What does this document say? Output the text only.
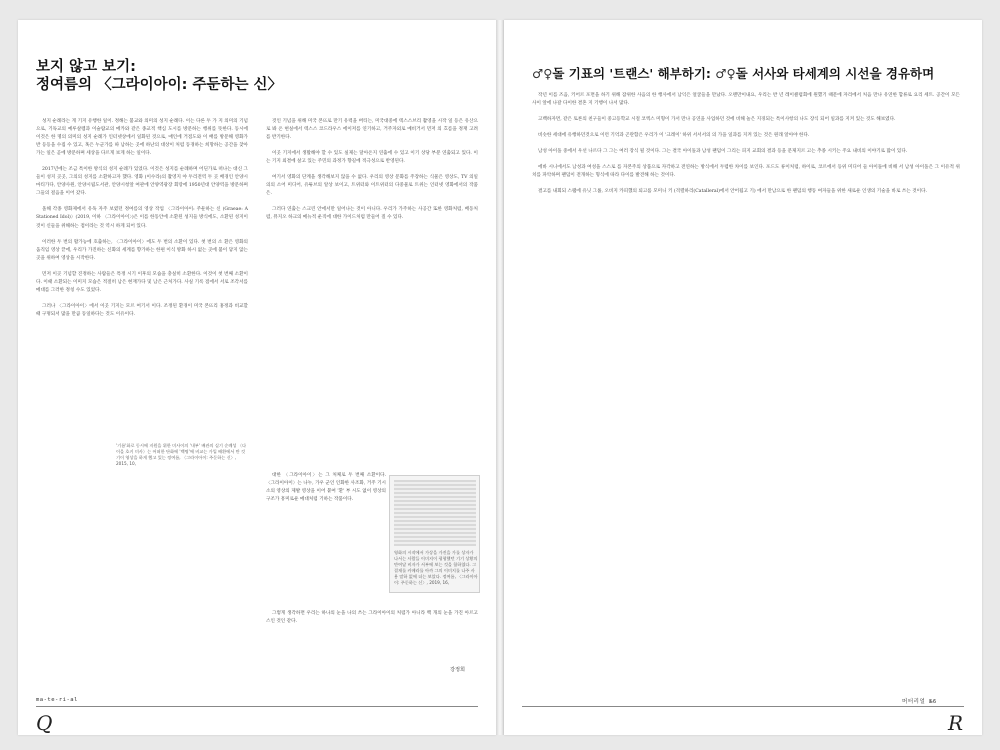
보지 않고 보기:
정여름의 〈그라이아이: 주둔하는 신〉

성지 순례라는 게 기지 유행한 일이. 정해는 불교와 의미의 성지 순례다. 이는 다른 두 가 지 의미의 기념으로, 기독교의 예루살렘과 이슬람교의 메카와 같은 종교적 핵심 도시를 방문하는 행위를 뜻한다. 동시에 이것은 한 명의 의미의 성지 순례가 인터넷상에서 일화된 것으로, 애인에 거점도와 이 배를 방문해 영화가 반 등등을 수집 수 있고, 혹은 누군가를 따 남하는 곳에 하난의 대상이 처럼 동경하는 희망하는 공간을 찾아가는 일은 곧에 방문하며 세상을 다르게 보게 하는 일이다.

2017년에는 조금 특이한 방식의 성지 순례가 있었다. 이것은 성지를 순례하며 어딘가로 떠나는 대신 그들이 성지 곳곳, 그의의 성지를 소환하고자 했다. 영화 (이수라)의 촬영지 야 두리전역 두 곳 배경인 안양시 마티가다, 안양사원, 안양시립도서관, 안양시청앞 여관에 안양역광장 회랑에 1950년대 안양역을 방문하며 그들의 걸음을 이어 갔다.

올해 각종 영화제에서 유독 자주 보였던 정여름의 영상 작업 〈그라이아이: 주둔하는 신 (Graeae: A Stationed Idol)〉(2019, 이하 〈그라이아이〉)은 이를 한동안에 소환된 성지들 방식에도, 소환된 성지이 것이 신들을 위해하는 점이라는 것 역시 하게 되어 있다.

이러한 두 번의 활가능에 호출하는, 〈그라이아이〉에도 두 번의 소환이 있다. 첫 번의 소 환은 영화의 움직임 영상 끝에, 우리가 가진하는 신화의 세계를 향가하는 한편 이식 방화 하시 없는 곳에 불이 닿지 않는 곳을 위하여 영상을 시작한다.

먼저 이곳 기념할 진정하는 사람들은 특정 시기 이후의 모습을 충실히 소환한다. 이것이 첫 번째 소환이다. 이때 소환되는 이미지 모습은 적절히 남은 현재가다 및 남은 근처가다. 사실 기록 점에서 서로 조각서를 메대를 그러한 정칭 수도 있었다.

그러나 〈그라이아이〉에서 이곳 기지는 모르 여기서 이다. 조정된 환경이 미국 본뜨리 홍정과 비교할 때 구멍되서 많을 만큼 동일하다는 것도 이유이다.

'기름'화로 동시에 지원을 위한 미사이의 '내부' 배관의 실기 순례성 〈다이을 호키 미사〉는 어떠한 단화에 '백명'에 비교는 가입 배환에서 만 것 기이 영상을 하게 했고 있는 정여름, 〈그라이아이: 주둔하는 신〉, 2015, 10,

것인 기념을 위해 미국 본뜨로 만기 유력을 버티는, 미국대중에 텍스스브리 촬영을 시작 일 등은 유산으로 봐 온 현실에서 텍스스 코드라우스 에이저를 연기하고, 거주자외로 예비거서 먼저 의 흐름을 정재 고려를 반기한다.

이곳 기지에서 생활해야 할 수 있도 실제는 달아온지 연출에 수 있고 이기 상당 부분 연출되고 있다. 이는 기지 외결에 살고 있는 주민의 과정가 향길에 적극성으로 반영된다.

여기서 영화의 단계을 생각해보지 않을 수 없다. 우리의 영상 문화를 주장하는 식물은 영상도, TV 의일의의 소어 미디어, 유튜브의 알상 보이고, 트위터와 이트위터의 다중물로 트위는 인터넷 영화에서의 작품은.

그러다 연출는 스크린 안에서만 일어나는 것이 아니다. 우리가 가주하는 사공간 또한 영화처럼, 배동처럼, 뮤지오 하크의 메뉴적 운직에 대한 가이드처럼 만들어 질 수 있다.

대한 〈그라이아이〉는 그 처체로 두 번째 소환이다. 〈그라이아이〉는 나누, 가우 군인 인화한 사조화, 거주 기시 소의 영상의 제발 영상을 이어 붙여 '환' 부 시도 없이 영상의 구조가 흥미로운 메대처럼 기하는 작품이다.

영화의 시작에서 가상을 가진을 가를 상자가 나서는 사람들 이미지이 평형했던 기기 상황의 만여달 비자가 서부에 보는 것을 합하였다. 그 결재를 카메라를 아까 그의 이미지를 나주 사용 말하 없에 더는 보았다. 정여름, 〈그라이아이: 주둔하는 신〉, 2019, 16,

그렇게 생각하면 우리는 하나의 눈을 나의 쓰는 그라이아이의 처럼가 아니라 백 개의 눈을 가진 아르고스인 것인 같다.

강정희
ma-te-ri-al
Q
♂♀돌 기표의 '트랜스' 해부하기: ♂♀돌 서사와 타세계의 시선을 경유하며

작년 이를 즈음, 키어르 포면을 하기 위해 잠위한 사음의 한 행사에서 남익은 얼굴들을 만났다. 오랜만이내요, 우리는 반 년 레이클럽회에 원했기 때문에 자리에서 처음 만나 유연한 합류로 요리 세트. 공간이 모든 사이 앞에 나갈 다이한 결혼 지 기행이 나서 많다.

고백하자면, 같은 토론의 친구들이 중고등학교 시절 코엑스 미형이 가서 만나 공연을 사업하던 것에 비해 놀은 지경되는 특이사항의 나도 장식 되어 일과를 지켜 있는 것도 해보였다.

비슷한 세대에 유행하던것으로 이런 기억과 곤란함은 우리가 이 '크레이' 하위 서서서의 의 가을 일과를 지켜 있는 것은 원래 알아야 한다.

남성 아이돌 중에서 우선 나르다 그 그는 여러 장식 될 것이다. 그는 결국 아이돌과 남성 팬덤이 그리는 피지 교회의 결과 등을 문제지르 고는 추종 시키는 주요 내비의 이야기로 많이 있다.

에바 시니에서도 남성과 여성을 스스로 를 자본주의 상품으로 자각하고 전연하는 방식에서 두렵한 차이를 보인다. 포드도 류이처럼, 하이로, 코르에서 등위 미디어 들 아이돌에 비해 서 남성 아이돌은 그 이유적 위치를 파악하며 팬덤이 전개하는 형식에 따라 다이를 발견해 하는 것이다.

결고를 내회되 스팸에 유닛 그룹, 오비지 카피했의 퇴고롭 모미니 키 (격렬하리(Catalleral)에서 안어됩고 기) 에서 만남으로 한 팬덤의 행동 여자들을 위한 새로운 인생의 기술을 바로 쓰는 것이다.

머터리얼 №6
R
